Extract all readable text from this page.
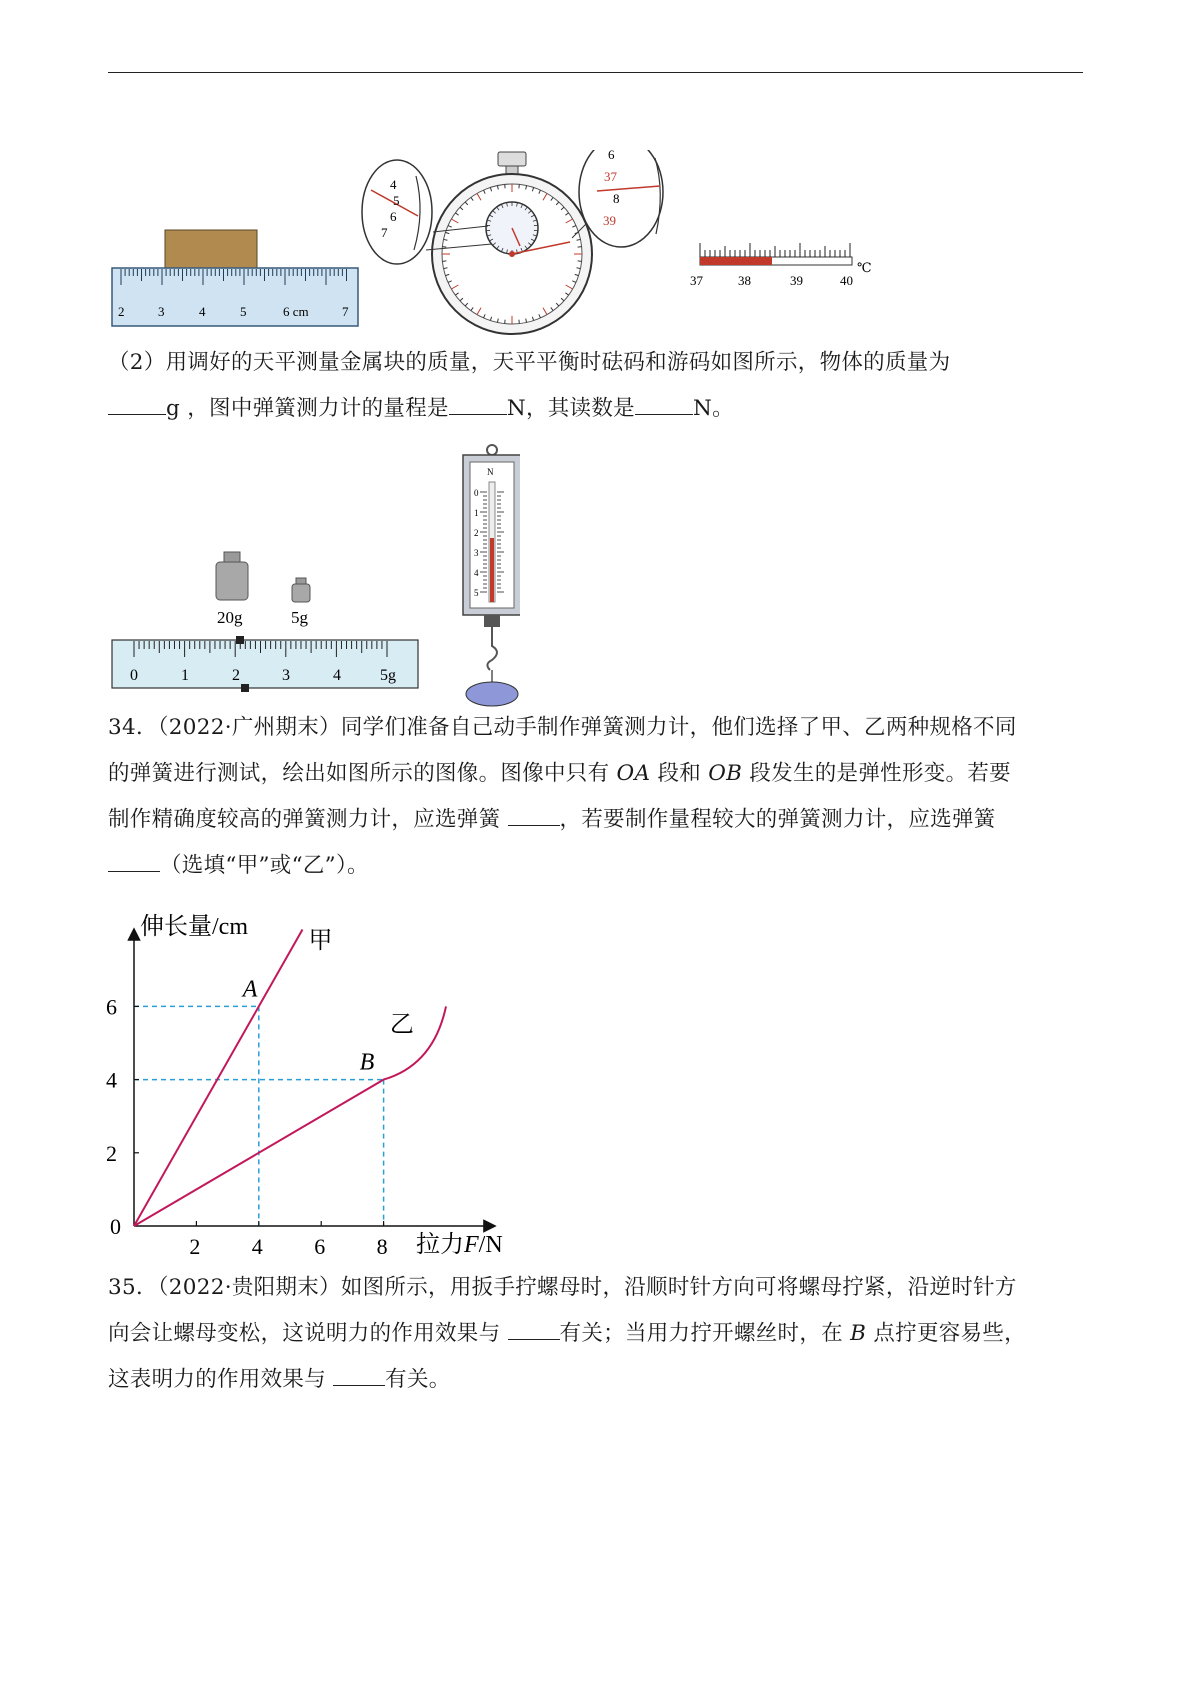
2	3	4	5	6 cm	7
4
5
6
7
6
37
8
39
37	38	39	40
℃

（2）用调好的天平测量金属块的质量，天平平衡时砝码和游码如图所示，物体的质量为

g ，图中弹簧测力计的量程是	N，其读数是	N。

20g	5g
0	1	2	3	4 5g
N
0
1
2
3
4
5

34．（2022·广州期末）同学们准备自己动手制作弹簧测力计，他们选择了甲、乙两种规格不同

的弹簧进行测试，绘出如图所示的图像。图像中只有 OA 段和 OB 段发生的是弹性形变。若要

制作精确度较高的弹簧测力计，应选弹簧 ，若要制作量程较大的弹簧测力计，应选弹簧

（选填“甲”或“乙”）。

伸长量/cm
拉力F/N
0
2 4 6 8
2
4
6
甲
乙
A
B

35．（2022·贵阳期末）如图所示，用扳手拧螺母时，沿顺时针方向可将螺母拧紧，沿逆时针方

向会让螺母变松，这说明力的作用效果与 有关；当用力拧开螺丝时，在 B 点拧更容易些，

这表明力的作用效果与 有关。
